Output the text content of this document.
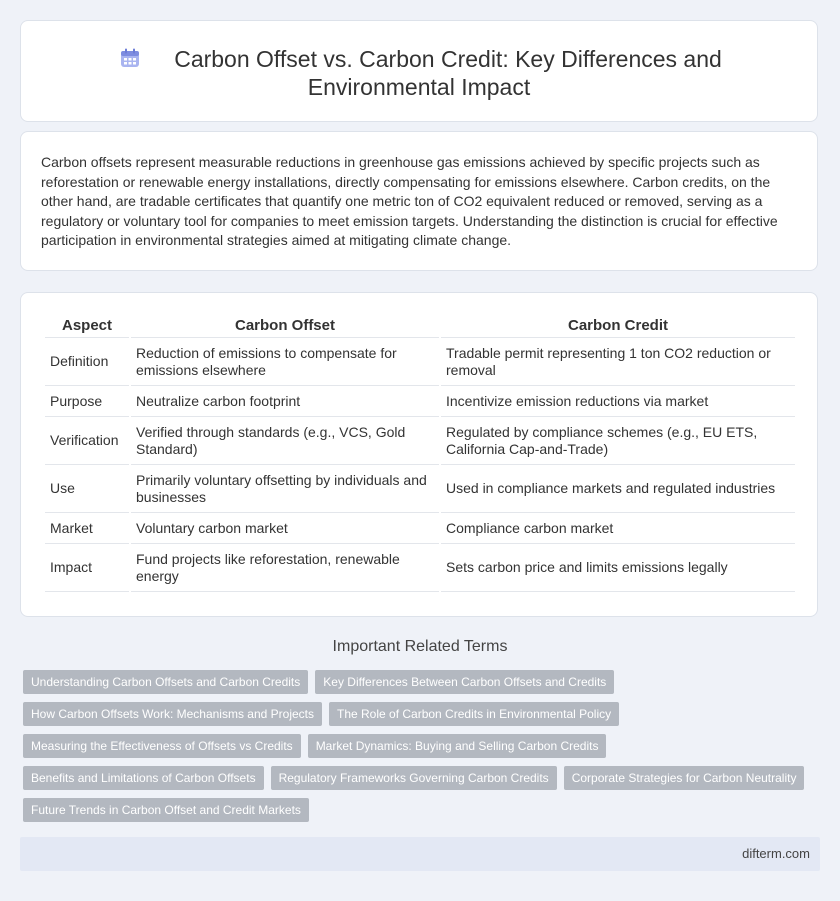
Carbon Offset vs. Carbon Credit: Key Differences and
Environmental Impact
Carbon offsets represent measurable reductions in greenhouse gas emissions achieved by specific projects such as reforestation or renewable energy installations, directly compensating for emissions elsewhere. Carbon credits, on the other hand, are tradable certificates that quantify one metric ton of CO2 equivalent reduced or removed, serving as a regulatory or voluntary tool for companies to meet emission targets. Understanding the distinction is crucial for effective participation in environmental strategies aimed at mitigating climate change.
Aspect	Carbon Offset	Carbon Credit
Definition	Reduction of emissions to compensate for emissions elsewhere	Tradable permit representing 1 ton CO2 reduction or removal
Purpose	Neutralize carbon footprint	Incentivize emission reductions via market
Verification	Verified through standards (e.g., VCS, Gold Standard)	Regulated by compliance schemes (e.g., EU ETS, California Cap-and-Trade)
Use	Primarily voluntary offsetting by individuals and businesses	Used in compliance markets and regulated industries
Market	Voluntary carbon market	Compliance carbon market
Impact	Fund projects like reforestation, renewable energy	Sets carbon price and limits emissions legally
Important Related Terms
Understanding Carbon Offsets and Carbon Credits Key Differences Between Carbon Offsets and Credits
How Carbon Offsets Work: Mechanisms and Projects The Role of Carbon Credits in Environmental Policy
Measuring the Effectiveness of Offsets vs Credits Market Dynamics: Buying and Selling Carbon Credits
Benefits and Limitations of Carbon Offsets Regulatory Frameworks Governing Carbon Credits Corporate Strategies for Carbon Neutrality
Future Trends in Carbon Offset and Credit Markets
difterm.com
